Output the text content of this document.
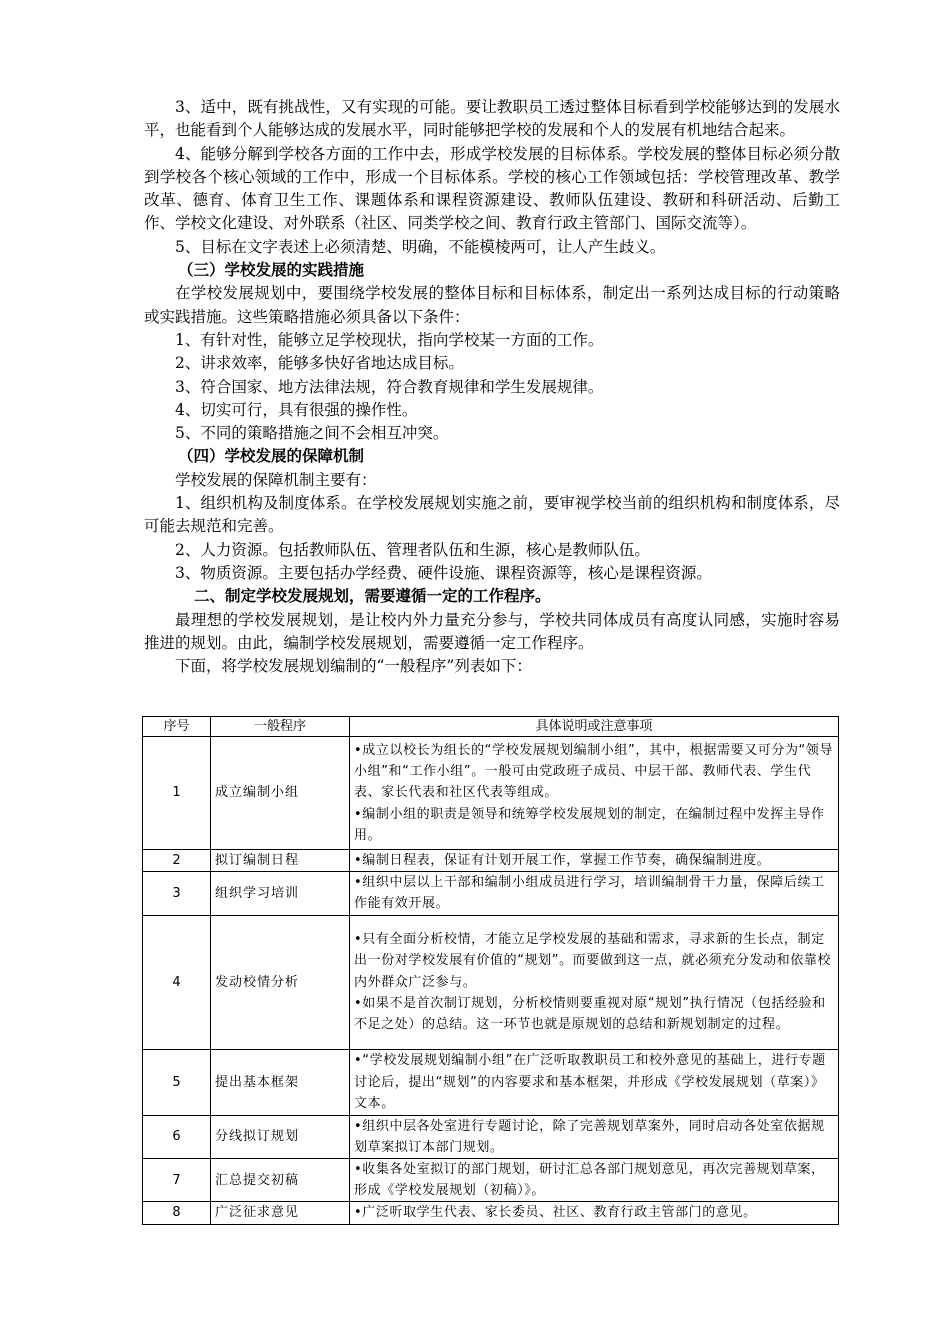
3、适中，既有挑战性，又有实现的可能。要让教职员工透过整体目标看到学校能够达到的发展水平，也能看到个人能够达成的发展水平，同时能够把学校的发展和个人的发展有机地结合起来。

4、能够分解到学校各方面的工作中去，形成学校发展的目标体系。学校发展的整体目标必须分散到学校各个核心领域的工作中，形成一个目标体系。学校的核心工作领域包括：学校管理改革、教学改革、德育、体育卫生工作、课题体系和课程资源建设、教师队伍建设、教研和科研活动、后勤工作、学校文化建设、对外联系（社区、同类学校之间、教育行政主管部门、国际交流等）。

5、目标在文字表述上必须清楚、明确，不能模棱两可，让人产生歧义。

（三）学校发展的实践措施

在学校发展规划中，要围绕学校发展的整体目标和目标体系，制定出一系列达成目标的行动策略或实践措施。这些策略措施必须具备以下条件：

1、有针对性，能够立足学校现状，指向学校某一方面的工作。

2、讲求效率，能够多快好省地达成目标。

3、符合国家、地方法律法规，符合教育规律和学生发展规律。

4、切实可行，具有很强的操作性。

5、不同的策略措施之间不会相互冲突。

（四）学校发展的保障机制

学校发展的保障机制主要有：

1、组织机构及制度体系。在学校发展规划实施之前，要审视学校当前的组织机构和制度体系，尽可能去规范和完善。

2、人力资源。包括教师队伍、管理者队伍和生源，核心是教师队伍。

3、物质资源。主要包括办学经费、硬件设施、课程资源等，核心是课程资源。

二、制定学校发展规划，需要遵循一定的工作程序。

最理想的学校发展规划，是让校内外力量充分参与，学校共同体成员有高度认同感，实施时容易推进的规划。由此，编制学校发展规划，需要遵循一定工作程序。

下面，将学校发展规划编制的“一般程序”列表如下：

序号	一般程序	具体说明或注意事项
1	成立编制小组	•成立以校长为组长的“学校发展规划编制小组”，其中，根据需要又可分为“领导小组”和“工作小组”。一般可由党政班子成员、中层干部、教师代表、学生代表、家长代表和社区代表等组成。
•编制小组的职责是领导和统筹学校发展规划的制定，在编制过程中发挥主导作用。

2	拟订编制日程	•编制日程表，保证有计划开展工作，掌握工作节奏，确保编制进度。

3	组织学习培训	•组织中层以上干部和编制小组成员进行学习，培训编制骨干力量，保障后续工作能有效开展。

4	发动校情分析	•只有全面分析校情，才能立足学校发展的基础和需求，寻求新的生长点，制定出一份对学校发展有价值的“规划”。而要做到这一点，就必须充分发动和依靠校内外群众广泛参与。
•如果不是首次制订规划，分析校情则要重视对原“规划”执行情况（包括经验和不足之处）的总结。这一环节也就是原规划的总结和新规划制定的过程。

5	提出基本框架	•“学校发展规划编制小组”在广泛听取教职员工和校外意见的基础上，进行专题讨论后，提出“规划”的内容要求和基本框架，并形成《学校发展规划（草案）》文本。

6	分线拟订规划	•组织中层各处室进行专题讨论，除了完善规划草案外，同时启动各处室依据规划草案拟订本部门规划。

7	汇总提交初稿	•收集各处室拟订的部门规划，研讨汇总各部门规划意见，再次完善规划草案，形成《学校发展规划（初稿）》。

8	广泛征求意见	•广泛听取学生代表、家长委员、社区、教育行政主管部门的意见。
